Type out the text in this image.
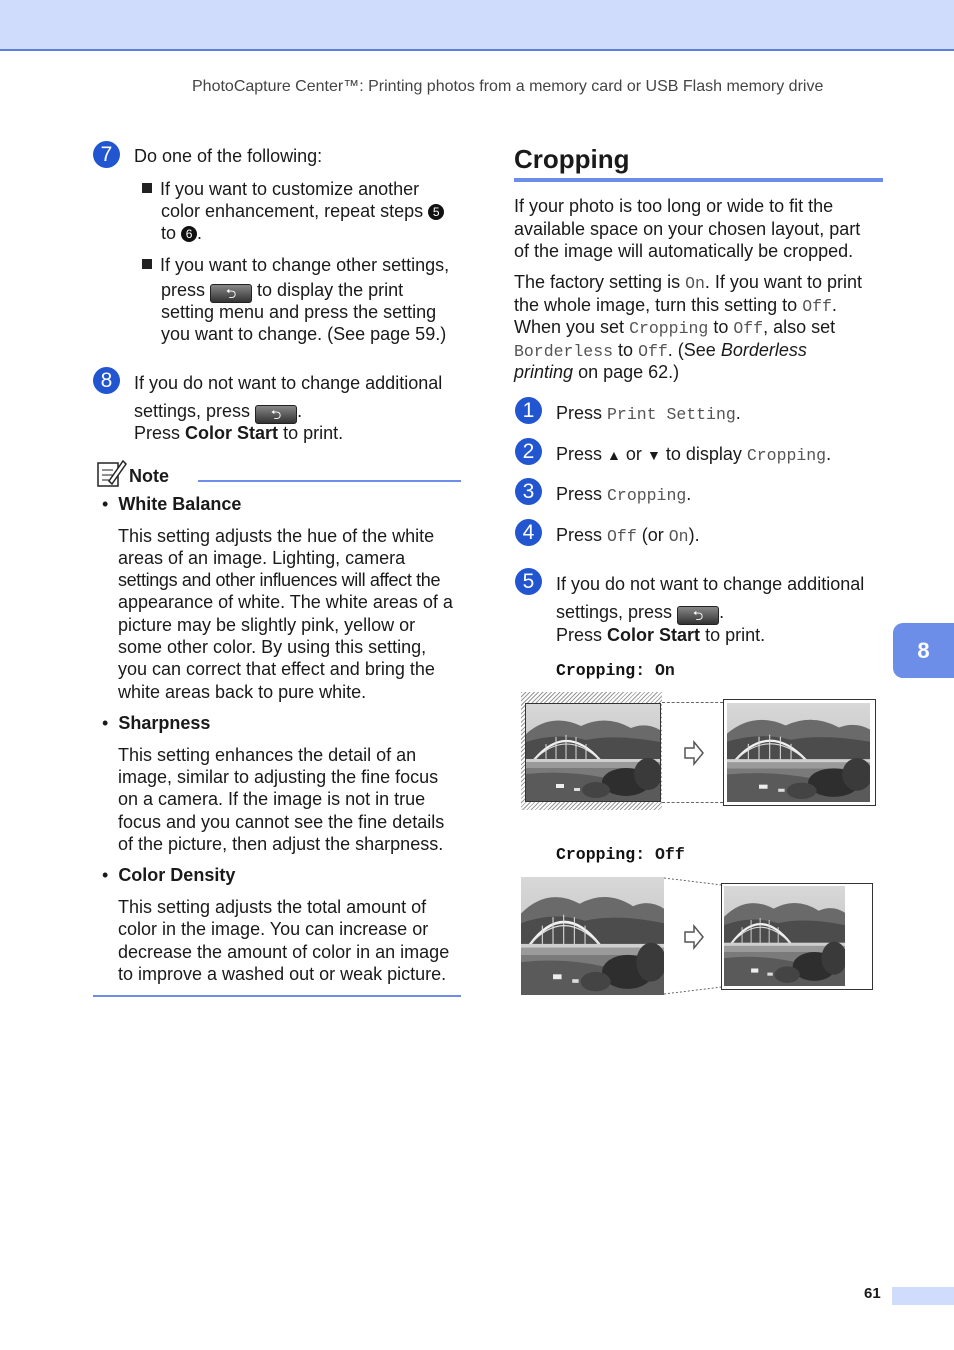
PhotoCapture Center™: Printing photos from a memory card or USB Flash memory drive
7	Do one of the following:
If you want to customize another
color enhancement, repeat steps 5
to 6 .
If you want to change other settings,
press ⮌ to display the print
setting menu and press the setting
you want to change. (See page 59.)
8	If you do not want to change additional
settings, press ⮌ .
Press Color Start to print.
Note
•  White Balance
This setting adjusts the hue of the white
areas of an image. Lighting, camera
settings and other influences will affect the
appearance of white. The white areas of a
picture may be slightly pink, yellow or
some other color. By using this setting,
you can correct that effect and bring the
white areas back to pure white.
•  Sharpness
This setting enhances the detail of an
image, similar to adjusting the fine focus
on a camera. If the image is not in true
focus and you cannot see the fine details
of the picture, then adjust the sharpness.
•  Color Density
This setting adjusts the total amount of
color in the image. You can increase or
decrease the amount of color in an image
to improve a washed out or weak picture.
Cropping
If your photo is too long or wide to fit the
available space on your chosen layout, part
of the image will automatically be cropped.
The factory setting is On. If you want to print
the whole image, turn this setting to Off.
When you set Cropping to Off, also set
Borderless to Off. (See Borderless
printing on page 62.)
1	Press Print Setting.
2	Press ▲ or ▼ to display Cropping.
3	Press Cropping.
4	Press Off (or On).
5	If you do not want to change additional
settings, press ⮌ .
Press Color Start to print.
Cropping: On
Cropping: Off
8
61
